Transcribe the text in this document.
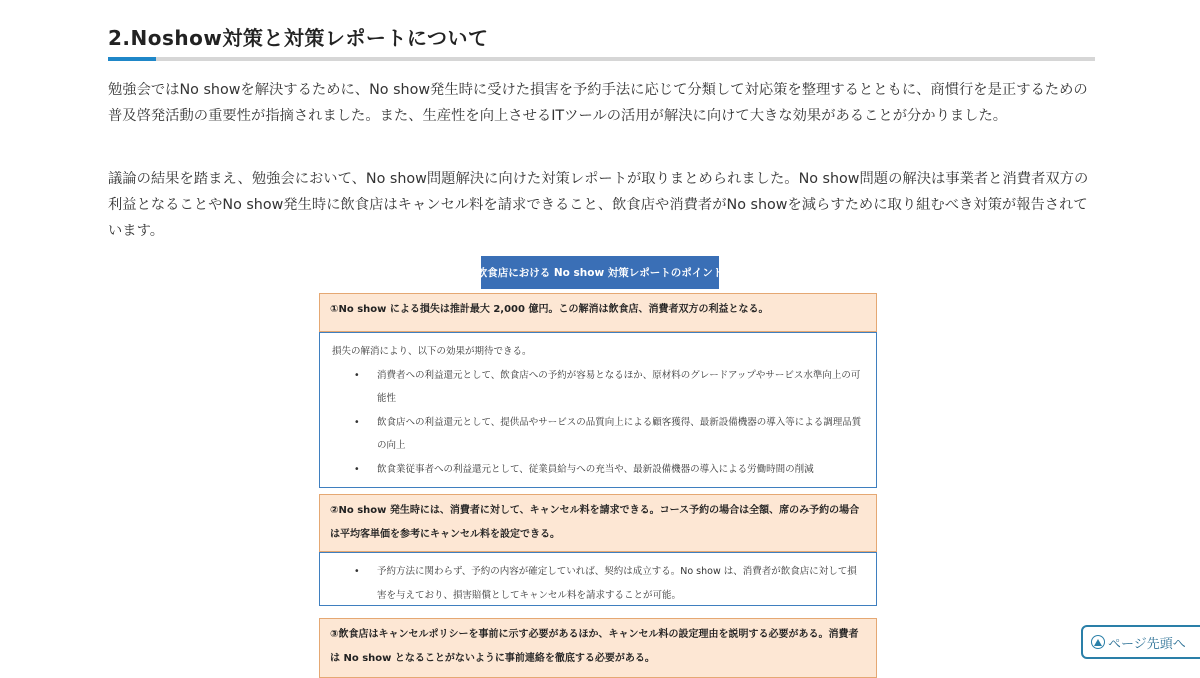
2.Noshow対策と対策レポートについて

勉強会ではNo showを解決するために、No show発生時に受けた損害を予約手法に応じて分類して対応策を整理するとともに、商慣行を是正するための普及啓発活動の重要性が指摘されました。また、生産性を向上させるITツールの活用が解決に向けて大きな効果があることが分かりました。

議論の結果を踏まえ、勉強会において、No show問題解決に向けた対策レポートが取りまとめられました。No show問題の解決は事業者と消費者双方の利益となることやNo show発生時に飲食店はキャンセル料を請求できること、飲食店や消費者がNo showを減らすために取り組むべき対策が報告されています。

飲食店における No show 対策レポートのポイント
①No show による損失は推計最大 2,000 億円。この解消は飲食店、消費者双方の利益となる。
損失の解消により、以下の効果が期待できる。
• 消費者への利益還元として、飲食店への予約が容易となるほか、原材料のグレードアップやサービス水準向上の可能性
• 飲食店への利益還元として、提供品やサービスの品質向上による顧客獲得、最新設備機器の導入等による調理品質の向上
• 飲食業従事者への利益還元として、従業員給与への充当や、最新設備機器の導入による労働時間の削減
②No show 発生時には、消費者に対して、キャンセル料を請求できる。コース予約の場合は全額、席のみ予約の場合は平均客単価を参考にキャンセル料を設定できる。
• 予約方法に関わらず、予約の内容が確定していれば、契約は成立する。No show は、消費者が飲食店に対して損害を与えており、損害賠償としてキャンセル料を請求することが可能。
③飲食店はキャンセルポリシーを事前に示す必要があるほか、キャンセル料の設定理由を説明する必要がある。消費者は No show となることがないように事前連絡を徹底する必要がある。
ページ先頭へ
